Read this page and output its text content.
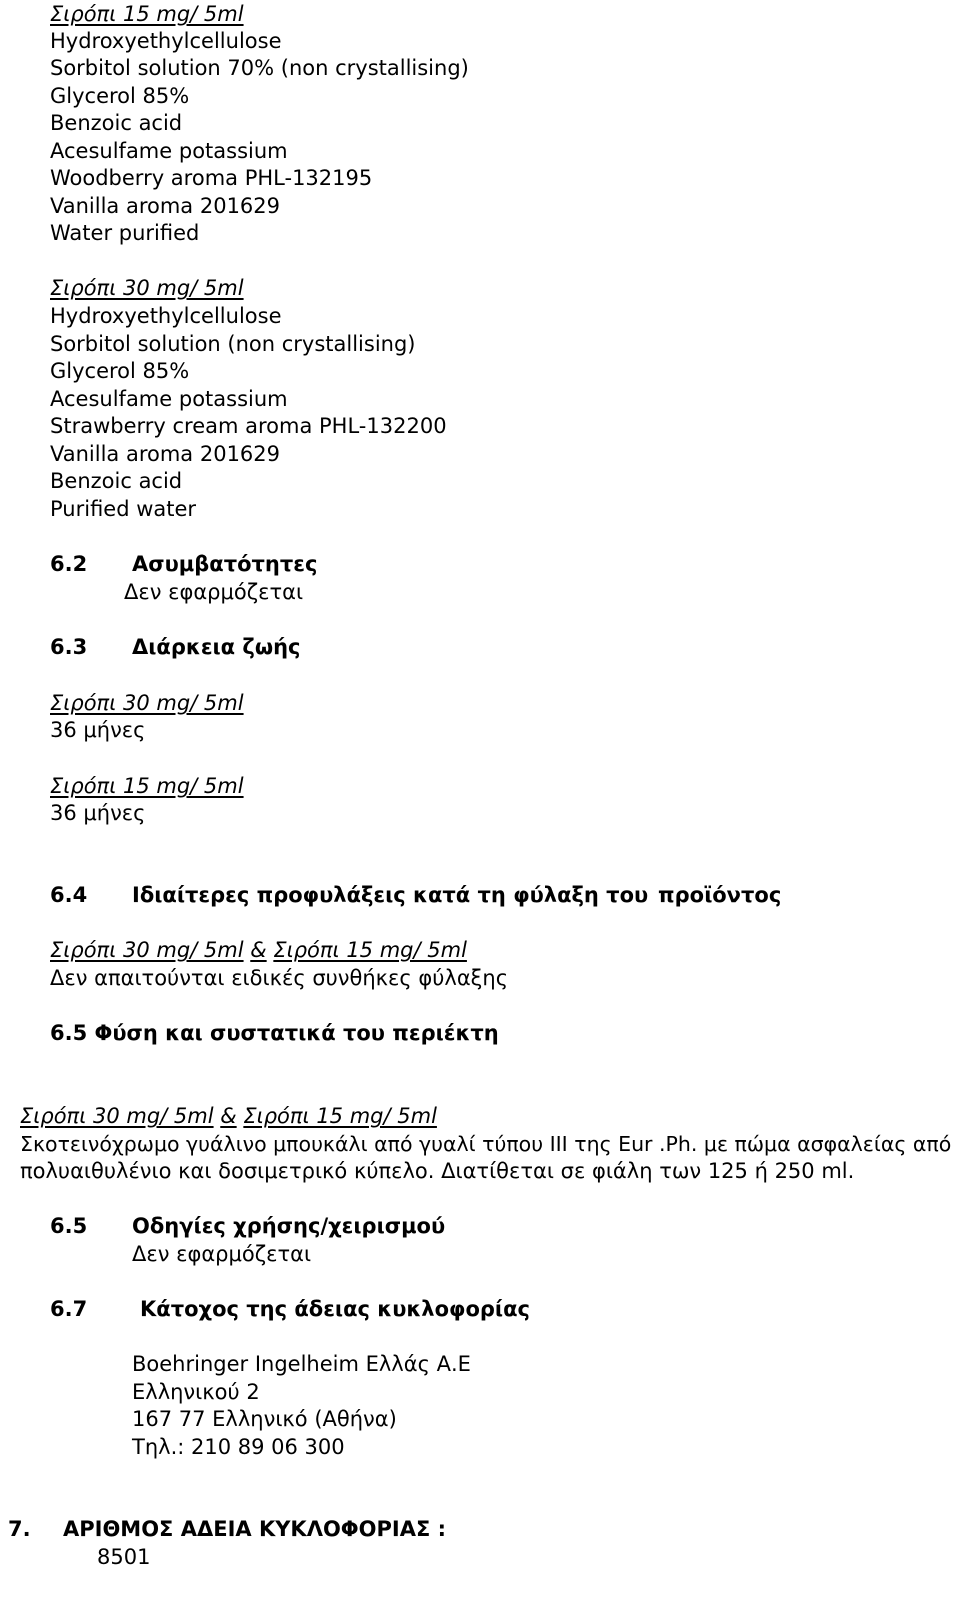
Σιρόπι 15 mg/ 5ml
Hydroxyethylcellulose
Sorbitol solution 70% (non crystallising)
Glycerol 85%
Benzoic acid
Acesulfame potassium
Woodberry aroma PHL-132195
Vanilla aroma 201629
Water purified
Σιρόπι 30 mg/ 5ml
Hydroxyethylcellulose
Sorbitol solution (non crystallising)
Glycerol 85%
Acesulfame potassium
Strawberry cream aroma PHL-132200
Vanilla aroma 201629
Benzoic acid
Purified water
6.2 Ασυμβατότητες
Δεν εφαρμόζεται
6.3 Διάρκεια ζωής
Σιρόπι 30 mg/ 5ml
36 μήνες
Σιρόπι 15 mg/ 5ml
36 μήνες
6.4 Ιδιαίτερες προφυλάξεις κατά τη φύλαξη του προϊόντος
Σιρόπι 30 mg/ 5ml & Σιρόπι 15 mg/ 5ml
Δεν απαιτούνται ειδικές συνθήκες φύλαξης
6.5 Φύση και συστατικά του περιέκτη
Σιρόπι 30 mg/ 5ml & Σιρόπι 15 mg/ 5ml
Σκοτεινόχρωμο γυάλινο μπουκάλι από γυαλί τύπου III της Eur .Ph. με πώμα ασφαλείας από
πολυαιθυλένιο και δοσιμετρικό κύπελο. Διατίθεται σε φιάλη των 125 ή 250 ml.
6.5 Οδηγίες χρήσης/χειρισμού
Δεν εφαρμόζεται
6.7	Κάτοχος της άδειας κυκλοφορίας
Boehringer Ingelheim Ελλάς Α.Ε
Ελληνικού 2
167 77 Ελληνικό (Αθήνα)
Τηλ.: 210 89 06 300
7. ΑΡΙΘΜΟΣ ΑΔΕΙΑ ΚΥΚΛΟΦΟΡΙΑΣ :
8501
